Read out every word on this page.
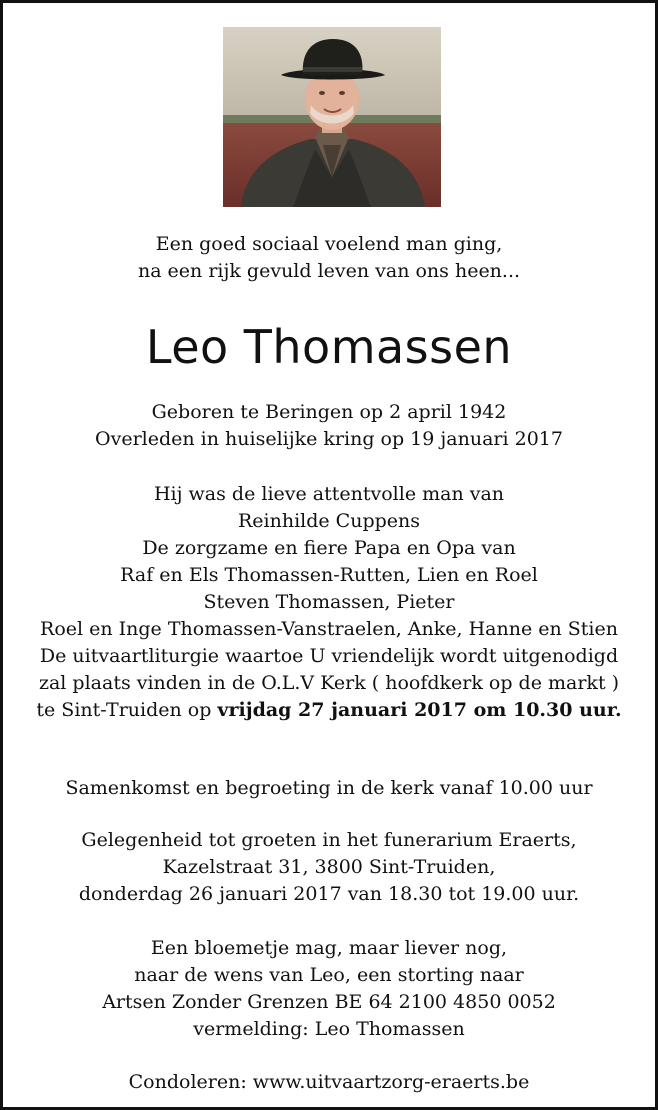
Een goed sociaal voelend man ging,
na een rijk gevuld leven van ons heen...
Leo Thomassen
Geboren te Beringen op 2 april 1942
Overleden in huiselijke kring op 19 januari 2017
Hij was de lieve attentvolle man van
Reinhilde Cuppens
De zorgzame en fiere Papa en Opa van
Raf en Els Thomassen-Rutten, Lien en Roel
Steven Thomassen, Pieter
Roel en Inge Thomassen-Vanstraelen, Anke, Hanne en Stien
De uitvaartliturgie waartoe U vriendelijk wordt uitgenodigd
zal plaats vinden in de O.L.V Kerk ( hoofdkerk op de markt )
te Sint-Truiden op vrijdag 27 januari 2017 om 10.30 uur.
Samenkomst en begroeting in de kerk vanaf 10.00 uur
Gelegenheid tot groeten in het funerarium Eraerts,
Kazelstraat 31, 3800 Sint-Truiden,
donderdag 26 januari 2017 van 18.30 tot 19.00 uur.
Een bloemetje mag, maar liever nog,
naar de wens van Leo, een storting naar
Artsen Zonder Grenzen BE 64 2100 4850 0052
vermelding: Leo Thomassen
Condoleren: www.uitvaartzorg-eraerts.be
